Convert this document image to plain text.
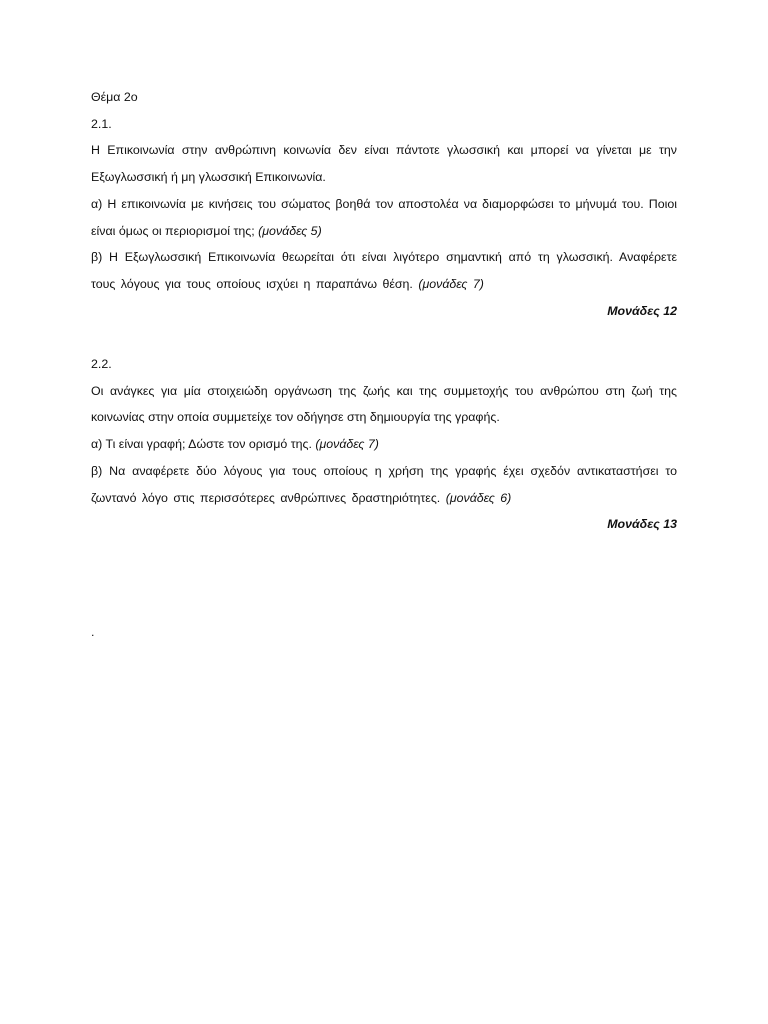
Θέμα 2ο

2.1.

Η Επικοινωνία στην ανθρώπινη κοινωνία δεν είναι πάντοτε γλωσσική και μπορεί να γίνεται με την Εξωγλωσσική ή μη γλωσσική Επικοινωνία.

α) Η επικοινωνία με κινήσεις του σώματος βοηθά τον αποστολέα να διαμορφώσει το μήνυμά του. Ποιοι είναι όμως οι περιορισμοί της; (μονάδες 5)

β) Η Εξωγλωσσική Επικοινωνία θεωρείται ότι είναι λιγότερο σημαντική από τη γλωσσική. Αναφέρετε τους λόγους για τους οποίους ισχύει η παραπάνω θέση. (μονάδες 7)

Μονάδες 12

2.2.

Οι ανάγκες για μία στοιχειώδη οργάνωση της ζωής και της συμμετοχής του ανθρώπου στη ζωή της κοινωνίας στην οποία συμμετείχε τον οδήγησε στη δημιουργία της γραφής.

α) Τι είναι γραφή; Δώστε τον ορισμό της. (μονάδες 7)

β) Να αναφέρετε δύο λόγους για τους οποίους η χρήση της γραφής έχει σχεδόν αντικαταστήσει το ζωντανό λόγο στις περισσότερες ανθρώπινες δραστηριότητες. (μονάδες 6)

Μονάδες 13

.
